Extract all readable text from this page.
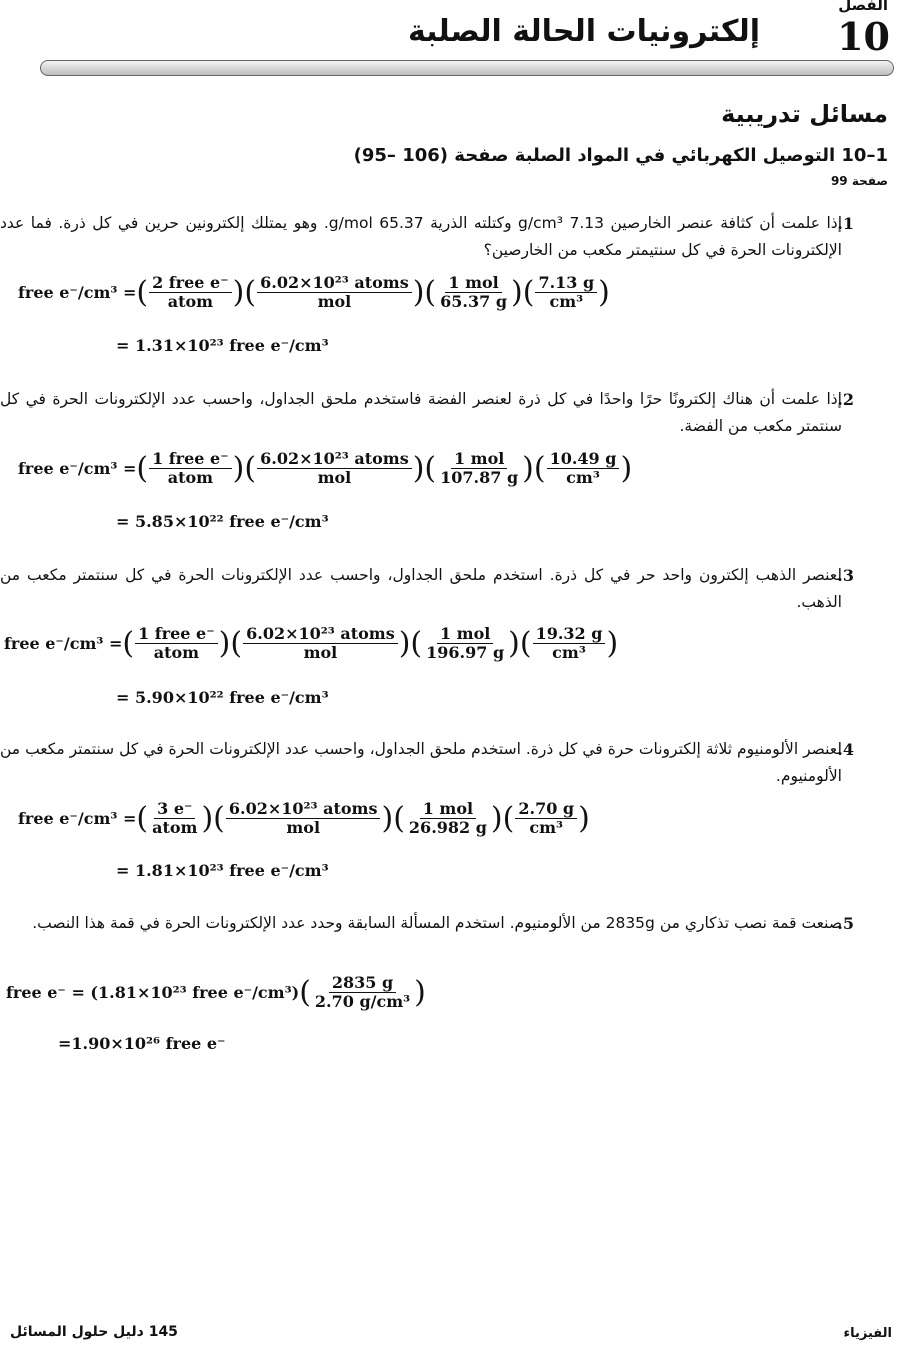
الفصل
10
إلكترونيات الحالة الصلبة
مسائل تدريبية
1–10 التوصيل الكهربائي في المواد الصلبة صفحة (106 –95)
صفحة 99
.1
إذا علمت أن كثافة عنصر الخارصين 7.13 g/cm³ وكتلته الذرية 65.37 g/mol. وهو يمتلك إلكترونين حرين في كل ذرة. فما عدد الإلكترونات الحرة في كل سنتيمتر مكعب من الخارصين؟
free e⁻/cm³ = ( $\frac{\text{2 free e⁻}}{\text{atom}}$ ) ( $\frac{\text{6.02×10²³ atoms}}{\text{mol}}$ ) ( $\frac{\text{1 mol}}{65.37 g}$ ) ( $\frac{7.13 g}{\text{cm³}}$ )
= 1.31×10²³ free e⁻/cm³
.2
إذا علمت أن هناك إلكترونًا حرًا واحدًا في كل ذرة لعنصر الفضة فاستخدم ملحق الجداول، واحسب عدد الإلكترونات الحرة في كل سنتمتر مكعب من الفضة.
free e⁻/cm³ = ( $\frac{\text{1 free e⁻}}{\text{atom}}$ ) ( $\frac{\text{6.02×10²³ atoms}}{\text{mol}}$ ) ( $\frac{\text{1 mol}}{107.87 g}$ ) ( $\frac{10.49 g}{\text{cm³}}$ )
= 5.85×10²² free e⁻/cm³
.3
لعنصر الذهب إلكترون واحد حر في كل ذرة. استخدم ملحق الجداول، واحسب عدد الإلكترونات الحرة في كل سنتمتر مكعب من الذهب.
free e⁻/cm³ = ( $\frac{\text{1 free e⁻}}{\text{atom}}$ ) ( $\frac{\text{6.02×10²³ atoms}}{\text{mol}}$ ) ( $\frac{\text{1 mol}}{196.97 g}$ ) ( $\frac{19.32 g}{\text{cm³}}$ )
= 5.90×10²² free e⁻/cm³
.4
لعنصر الألومنيوم ثلاثة إلكترونات حرة في كل ذرة. استخدم ملحق الجداول، واحسب عدد الإلكترونات الحرة في كل سنتمتر مكعب من الألومنيوم.
free e⁻/cm³ = ( $\frac{3 e^-}{\text{atom}}$ ) ( $\frac{\text{6.02×10²³ atoms}}{\text{mol}}$ ) ( $\frac{\text{1 mol}}{26.982 g}$ ) ( $\frac{2.70 g}{\text{cm³}}$ )
= 1.81×10²³ free e⁻/cm³
.5
صنعت قمة نصب تذكاري من 2835g من الألومنيوم. استخدم المسألة السابقة وحدد عدد الإلكترونات الحرة في قمة هذا النصب.
free e⁻ =
(1.81×10²³ free e⁻/cm³) ( $\frac{2835 g}{\text{2.70 g/cm³}}$ )
=1.90×10²⁶ free e⁻
145 دليل حلول المسائل	الفيزياء
